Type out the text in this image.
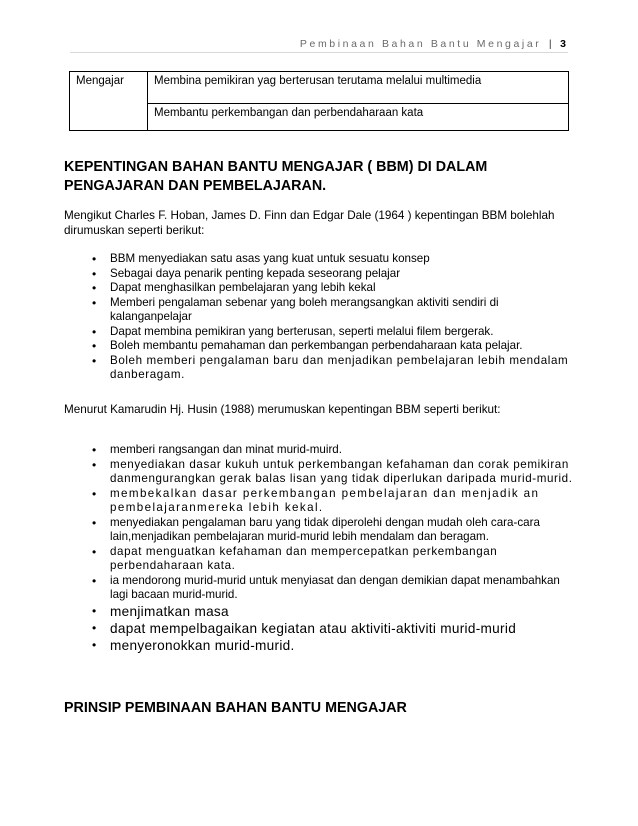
Pembinaan Bahan Bantu Mengajar | 3
Mengajar	Membina pemikiran yag berterusan terutama melalui multimedia
Membantu perkembangan dan perbendaharaan kata
KEPENTINGAN BAHAN BANTU MENGAJAR ( BBM) DI DALAM PENGAJARAN DAN PEMBELAJARAN.
Mengikut Charles F. Hoban, James D. Finn dan Edgar Dale (1964 ) kepentingan BBM bolehlah dirumuskan seperti berikut:
• BBM menyediakan satu asas yang kuat untuk sesuatu konsep
• Sebagai daya penarik penting kepada seseorang pelajar
• Dapat menghasilkan pembelajaran yang lebih kekal
• Memberi pengalaman sebenar yang boleh merangsangkan aktiviti sendiri di kalanganpelajar
• Dapat membina pemikiran yang berterusan, seperti melalui filem bergerak.
• Boleh membantu pemahaman dan perkembangan perbendaharaan kata pelajar.
• Boleh memberi pengalaman baru dan menjadikan pembelajaran lebih mendalam danberagam.
Menurut Kamarudin Hj. Husin (1988) merumuskan kepentingan BBM seperti berikut:
• memberi rangsangan dan minat murid-muird.
• menyediakan dasar kukuh untuk perkembangan kefahaman dan corak pemikiran danmengurangkan gerak balas lisan yang tidak diperlukan daripada murid-murid.
• membekalkan dasar perkembangan pembelajaran dan menjadik an pembelajaranmereka lebih kekal.
• menyediakan pengalaman baru yang tidak diperolehi dengan mudah oleh cara-cara lain,menjadikan pembelajaran murid-murid lebih mendalam dan beragam.
• dapat menguatkan kefahaman dan mempercepatkan perkembangan perbendaharaan kata.
• ia mendorong murid-murid untuk menyiasat dan dengan demikian dapat menambahkan lagi bacaan murid-murid.
• menjimatkan masa
• dapat mempelbagaikan kegiatan atau aktiviti-aktiviti murid-murid
• menyeronokkan murid-murid.
PRINSIP PEMBINAAN BAHAN BANTU MENGAJAR
